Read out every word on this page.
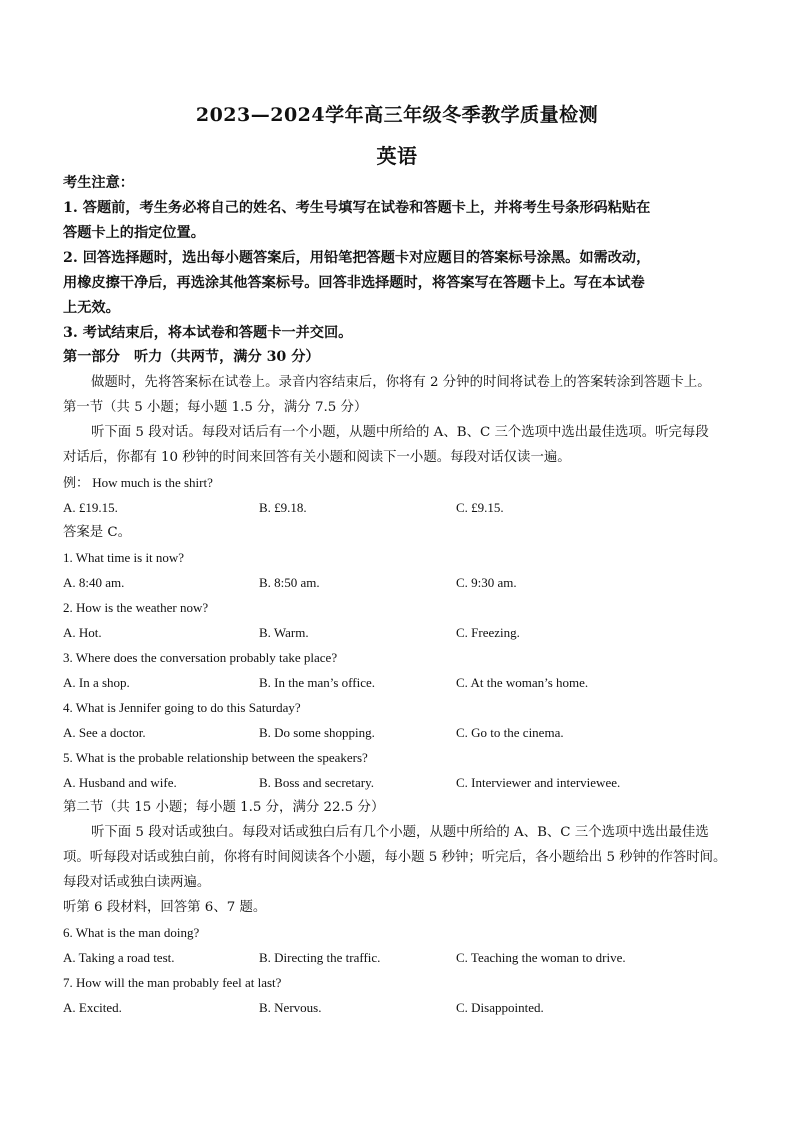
2023—2024学年高三年级冬季教学质量检测
英语
考生注意：
1. 答题前，考生务必将自己的姓名、考生号填写在试卷和答题卡上，并将考生号条形码粘贴在
答题卡上的指定位置。
2. 回答选择题时，选出每小题答案后，用铅笔把答题卡对应题目的答案标号涂黑。如需改动，
用橡皮擦干净后，再选涂其他答案标号。回答非选择题时，将答案写在答题卡上。写在本试卷
上无效。
3. 考试结束后，将本试卷和答题卡一并交回。
第一部分　听力（共两节，满分 30 分）
做题时，先将答案标在试卷上。录音内容结束后，你将有 2 分钟的时间将试卷上的答案转涂到答题卡上。
第一节（共 5 小题；每小题 1.5 分，满分 7.5 分）
听下面 5 段对话。每段对话后有一个小题，从题中所给的 A、B、C 三个选项中选出最佳选项。听完每段
对话后，你都有 10 秒钟的时间来回答有关小题和阅读下一小题。每段对话仅读一遍。
例： How much is the shirt?
A. £19.15.	B. £9.18.	C. £9.15.
答案是 C。
1. What time is it now?
A. 8:40 am.	B. 8:50 am.	C. 9:30 am.
2. How is the weather now?
A. Hot.	B. Warm.	C. Freezing.
3. Where does the conversation probably take place?
A. In a shop.	B. In the man’s office.	C. At the woman’s home.
4. What is Jennifer going to do this Saturday?
A. See a doctor.	B. Do some shopping.	C. Go to the cinema.
5. What is the probable relationship between the speakers?
A. Husband and wife.	B. Boss and secretary.	C. Interviewer and interviewee.
第二节（共 15 小题；每小题 1.5 分，满分 22.5 分）
听下面 5 段对话或独白。每段对话或独白后有几个小题，从题中所给的 A、B、C 三个选项中选出最佳选
项。听每段对话或独白前，你将有时间阅读各个小题，每小题 5 秒钟；听完后，各小题给出 5 秒钟的作答时间。
每段对话或独白读两遍。
听第 6 段材料，回答第 6、7 题。
6. What is the man doing?
A. Taking a road test.	B. Directing the traffic.	C. Teaching the woman to drive.
7. How will the man probably feel at last?
A. Excited.	B. Nervous.	C. Disappointed.
